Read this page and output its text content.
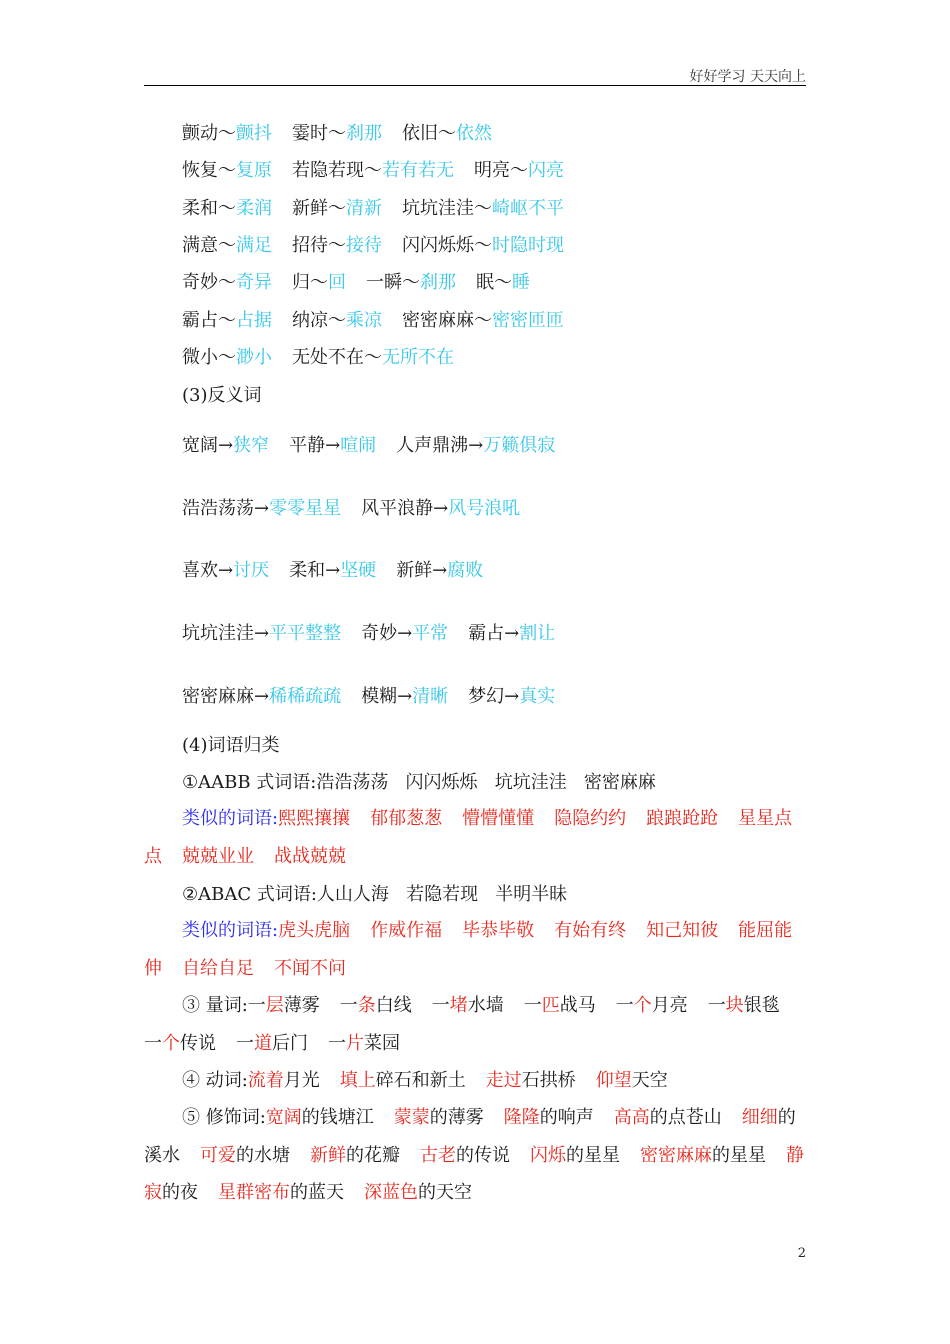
好好学习 天天向上
颤动～颤抖 霎时～刹那 依旧～依然
恢复～复原 若隐若现～若有若无 明亮～闪亮
柔和～柔润 新鲜～清新 坑坑洼洼～崎岖不平
满意～满足 招待～接待 闪闪烁烁～时隐时现
奇妙～奇异 归～回 一瞬～刹那 眠～睡
霸占～占据 纳凉～乘凉 密密麻麻～密密匝匝
微小～渺小 无处不在～无所不在
(3)反义词
宽阔→狭窄 平静→喧闹 人声鼎沸→万籁俱寂
浩浩荡荡→零零星星 风平浪静→风号浪吼
喜欢→讨厌 柔和→坚硬 新鲜→腐败
坑坑洼洼→平平整整 奇妙→平常 霸占→割让
密密麻麻→稀稀疏疏 模糊→清晰 梦幻→真实
(4)词语归类
①AABB 式词语:浩浩荡荡   闪闪烁烁   坑坑洼洼   密密麻麻
类似的词语:熙熙攘攘 郁郁葱葱 懵懵懂懂 隐隐约约 踉踉跄跄 星星点点 兢兢业业 战战兢兢
②ABAC 式词语:人山人海   若隐若现   半明半昧
类似的词语:虎头虎脑 作威作福 毕恭毕敬 有始有终 知己知彼 能屈能伸 自给自足 不闻不问
③ 量词:一层薄雾 一条白线 一堵水墙 一匹战马 一个月亮 一块银毯一个传说 一道后门 一片菜园
④ 动词:流着月光 填上碎石和新土 走过石拱桥 仰望天空
⑤ 修饰词:宽阔的钱塘江 蒙蒙的薄雾 隆隆的响声 高高的点苍山 细细的溪水 可爱的水塘 新鲜的花瓣 古老的传说 闪烁的星星 密密麻麻的星星 静寂的夜 星群密布的蓝天 深蓝色的天空
2
